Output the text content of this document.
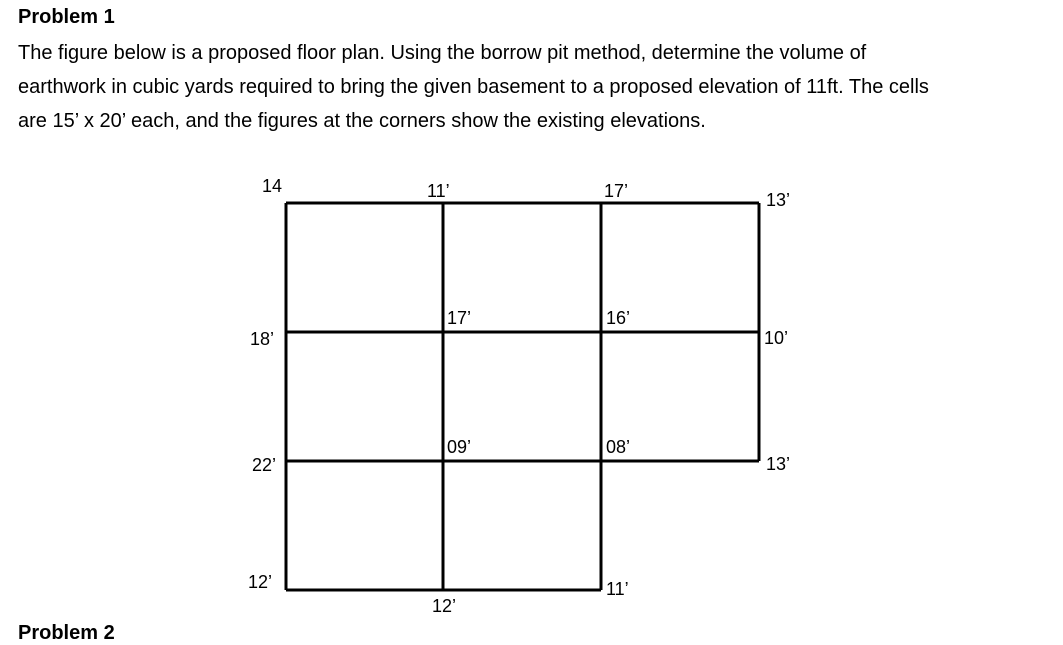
Problem 1

The figure below is a proposed floor plan. Using the borrow pit method, determine the volume of
earthwork in cubic yards required to bring the given basement to a proposed elevation of 11ft. The cells
are 15’ x 20’ each, and the figures at the corners show the existing elevations.

14	11’	17’	13’
18’
17’	16’
10’
22’
09’	08’
13’
12’
12’
11’
Problem 2
